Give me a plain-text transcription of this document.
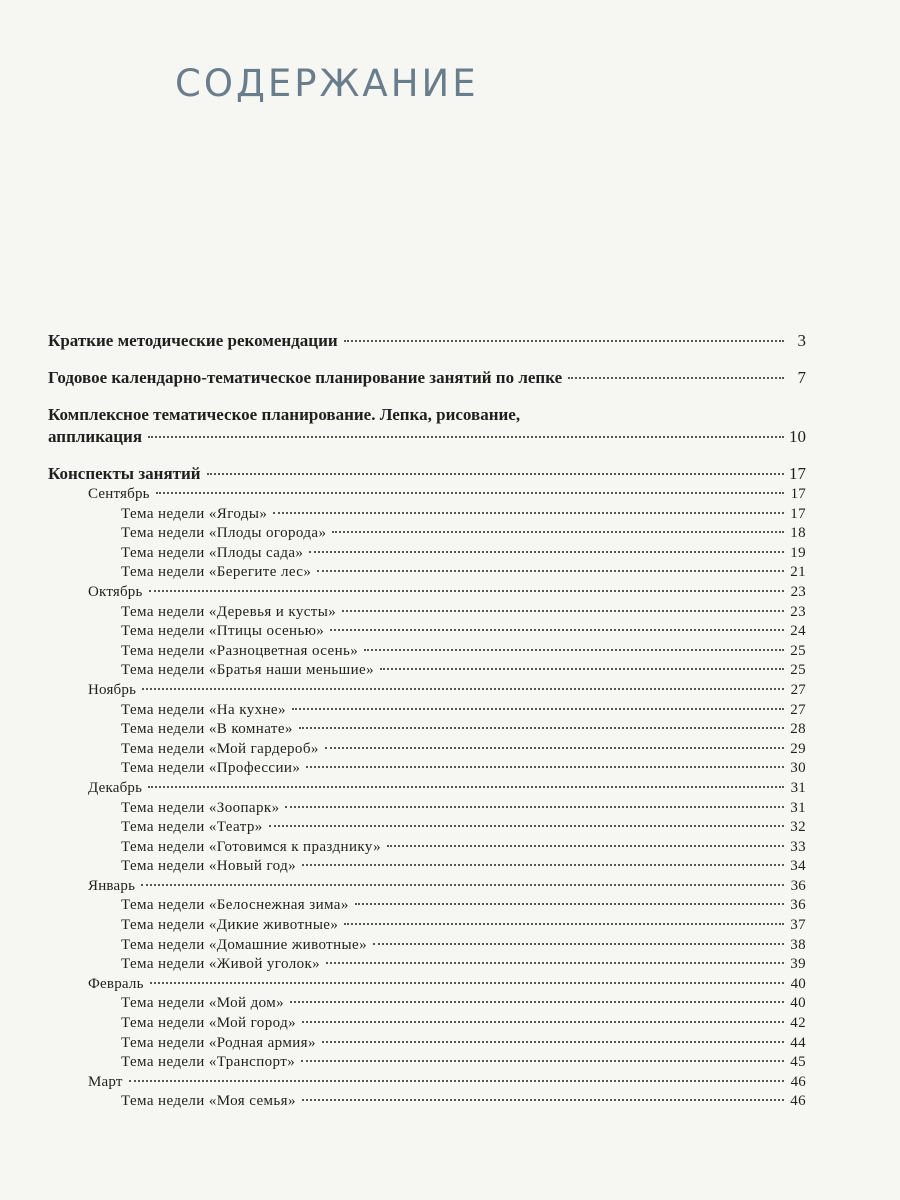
СОДЕРЖАНИЕ
Краткие методические рекомендации	3
Годовое календарно-тематическое планирование занятий по лепке	7
Комплексное тематическое планирование. Лепка, рисование,
аппликация	10
Конспекты занятий	17
Сентябрь	17
Тема недели «Ягоды»	17
Тема недели «Плоды огорода»	18
Тема недели «Плоды сада»	19
Тема недели «Берегите лес»	21
Октябрь	23
Тема недели «Деревья и кусты»	23
Тема недели «Птицы осенью»	24
Тема недели «Разноцветная осень»	25
Тема недели «Братья наши меньшие»	25
Ноябрь	27
Тема недели «На кухне»	27
Тема недели «В комнате»	28
Тема недели «Мой гардероб»	29
Тема недели «Профессии»	30
Декабрь	31
Тема недели «Зоопарк»	31
Тема недели «Театр»	32
Тема недели «Готовимся к празднику»	33
Тема недели «Новый год»	34
Январь	36
Тема недели «Белоснежная зима»	36
Тема недели «Дикие животные»	37
Тема недели «Домашние животные»	38
Тема недели «Живой уголок»	39
Февраль	40
Тема недели «Мой дом»	40
Тема недели «Мой город»	42
Тема недели «Родная армия»	44
Тема недели «Транспорт»	45
Март	46
Тема недели «Моя семья»	46
